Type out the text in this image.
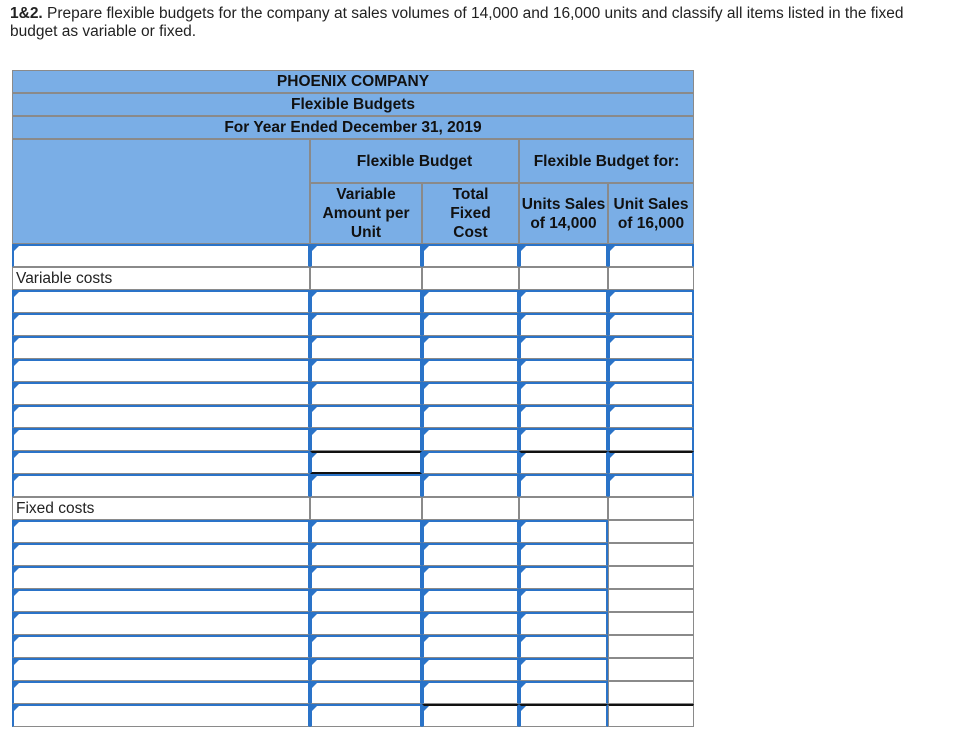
1&2. Prepare flexible budgets for the company at sales volumes of 14,000 and 16,000 units and classify all items listed in the fixed budget as variable or fixed.
PHOENIX COMPANY
Flexible Budgets
For Year Ended December 31, 2019
Flexible Budget	Flexible Budget for:
Variable Amount per Unit
Total Fixed Cost
Units Sales of 14,000
Unit Sales of 16,000
Variable costs
Fixed costs
